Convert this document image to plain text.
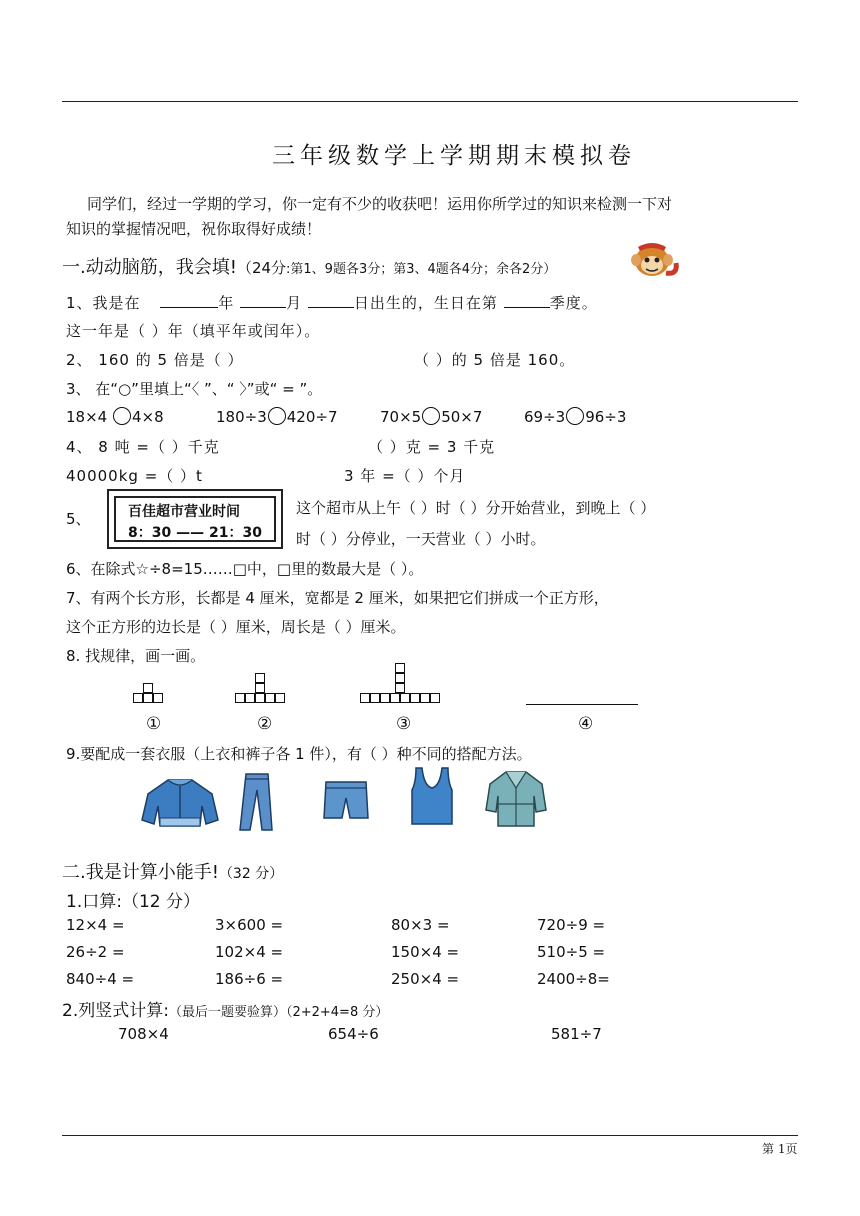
三年级数学上学期期末模拟卷
同学们，经过一学期的学习，你一定有不少的收获吧！运用你所学过的知识来检测一下对
知识的掌握情况吧，祝你取得好成绩！
一.动动脑筋，我会填!（24分:第1、9题各3分；第3、4题各4分；余各2分）
1、我是在	年	月	日出生的，生日在第	季度。
这一年是（ ）年（填平年或闰年）。
2、 160 的 5 倍是（ ）	（ ）的 5 倍是 160。
3、 在“○”里填上“〈 ”、“ 〉”或“ = ”。
18×4 4×8	180÷3 420÷7	70×5 50×7	69÷3 96÷3
4、 8 吨 =（ ）千克	（ ）克 = 3 千克
40000kg =（ ）t	3 年 =（ ）个月
5、	百佳超市营业时间
8：30 —— 21：30
这个超市从上午（ ）时（ ）分开始营业，到晚上（ ）
时（ ）分停业，一天营业（ ）小时。
6、在除式☆÷8=15……□中，□里的数最大是（ ）。
7、有两个长方形，长都是 4 厘米，宽都是 2 厘米，如果把它们拼成一个正方形，
这个正方形的边长是（ ）厘米，周长是（ ）厘米。
8. 找规律，画一画。
①	②	③	④
9.要配成一套衣服（上衣和裤子各 1 件），有（ ）种不同的搭配方法。
二.我是计算小能手!（32 分）
1.口算:（12 分）
12×4 =	3×600 =	80×3 =	720÷9 =
26÷2 =	102×4 =	150×4 =	510÷5 =
840÷4 =	186÷6 =	250×4 =	2400÷8=
2.列竖式计算:（最后一题要验算）（2+2+4=8 分）
708×4	654÷6	581÷7
第 1页
